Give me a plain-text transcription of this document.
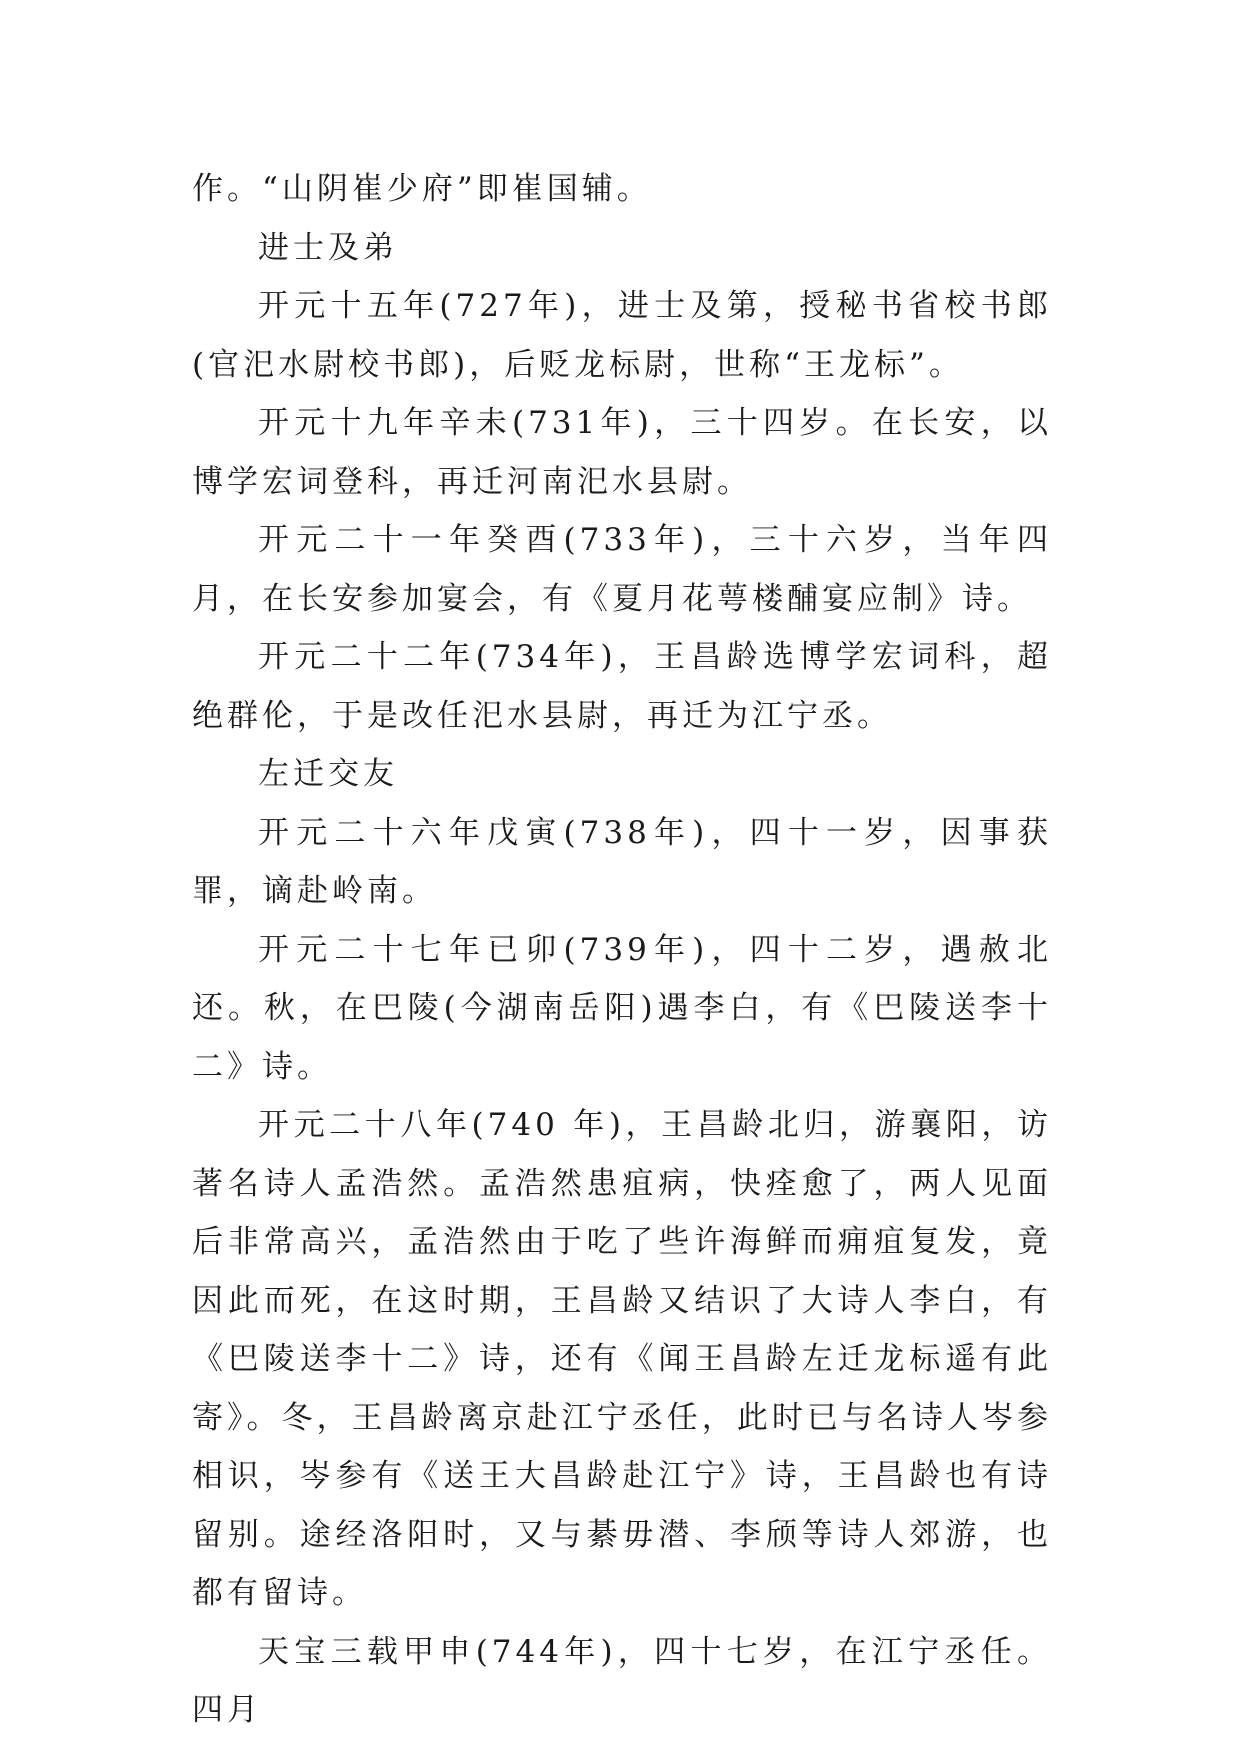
作。“山阴崔少府”即崔国辅。

进士及弟

开元十五年(727年)，进士及第，授秘书省校书郎(官汜水尉校书郎)，后贬龙标尉，世称“王龙标”。

开元十九年辛未(731年)，三十四岁。在长安，以博学宏词登科，再迁河南汜水县尉。

开元二十一年癸酉(733年)，三十六岁，当年四月，在长安参加宴会，有《夏月花萼楼酺宴应制》诗。

开元二十二年(734年)，王昌龄选博学宏词科，超绝群伦，于是改任汜水县尉，再迁为江宁丞。

左迁交友

开元二十六年戊寅(738年)，四十一岁，因事获罪，谪赴岭南。

开元二十七年已卯(739年)，四十二岁，遇赦北还。秋，在巴陵(今湖南岳阳)遇李白，有《巴陵送李十二》诗。

开元二十八年(740 年)，王昌龄北归，游襄阳，访著名诗人孟浩然。孟浩然患疽病，快痊愈了，两人见面后非常高兴，孟浩然由于吃了些许海鲜而痈疽复发，竟因此而死，在这时期，王昌龄又结识了大诗人李白，有《巴陵送李十二》诗，还有《闻王昌龄左迁龙标遥有此寄》。冬，王昌龄离京赴江宁丞任，此时已与名诗人岑参相识，岑参有《送王大昌龄赴江宁》诗，王昌龄也有诗留别。途经洛阳时，又与綦毋潜、李颀等诗人郊游，也都有留诗。

天宝三载甲申(744年)，四十七岁，在江宁丞任。四月
